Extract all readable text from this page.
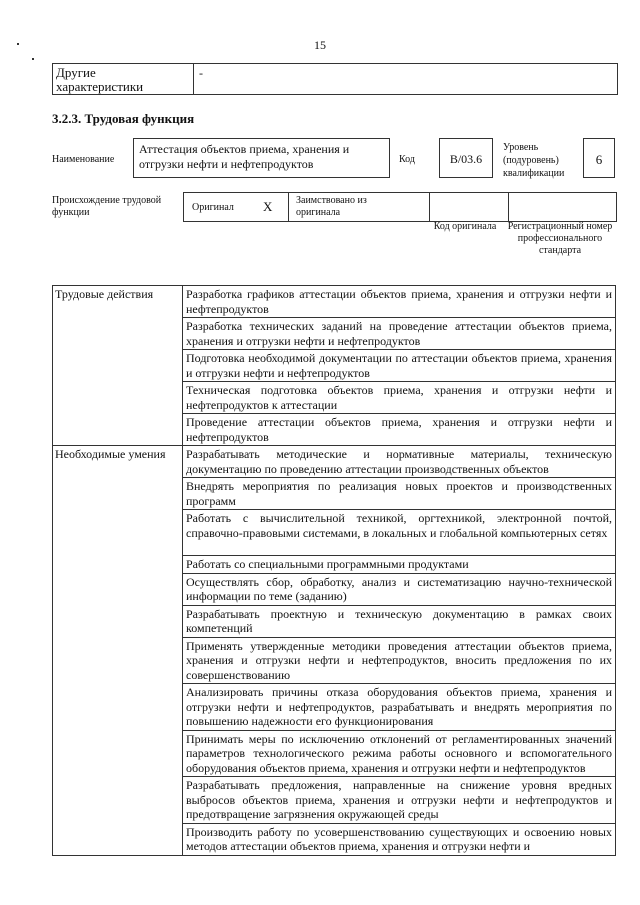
15
Другие характеристики
-
3.2.3. Трудовая функция
Наименование
Аттестация объектов приема, хранения и отгрузки нефти и нефтепродуктов	Код	B/03.6
Уровень (подуровень) квалификации
6
Происхождение трудовой функции	Оригинал X Заимствовано из оригинала
Код оригинала	Регистрационный номер профессионального стандарта
Трудовые действия	Разработка графиков аттестации объектов приема, хранения и отгрузки нефти и нефтепродуктов
	Разработка технических заданий на проведение аттестации объектов приема, хранения и отгрузки нефти и нефтепродуктов
	Подготовка необходимой документации по аттестации объектов приема, хранения и отгрузки нефти и нефтепродуктов
	Техническая подготовка объектов приема, хранения и отгрузки нефти и нефтепродуктов к аттестации
	Проведение аттестации объектов приема, хранения и отгрузки нефти и нефтепродуктов
Необходимые умения	Разрабатывать методические и нормативные материалы, техническую документацию по проведению аттестации производственных объектов
	Внедрять мероприятия по реализация новых проектов и производственных программ
	Работать с вычислительной техникой, оргтехникой, электронной почтой, справочно-правовыми системами, в локальных и глобальной компьютерных сетях
	Работать со специальными программными продуктами
	Осуществлять сбор, обработку, анализ и систематизацию научно-технической информации по теме (заданию)
	Разрабатывать проектную и техническую документацию в рамках своих компетенций
	Применять утвержденные методики проведения аттестации объектов приема, хранения и отгрузки нефти и нефтепродуктов, вносить предложения по их совершенствованию
	Анализировать причины отказа оборудования объектов приема, хранения и отгрузки нефти и нефтепродуктов, разрабатывать и внедрять мероприятия по повышению надежности его функционирования
	Принимать меры по исключению отклонений от регламентированных значений параметров технологического режима работы основного и вспомогательного оборудования объектов приема, хранения и отгрузки нефти и нефтепродуктов
	Разрабатывать предложения, направленные на снижение уровня вредных выбросов объектов приема, хранения и отгрузки нефти и нефтепродуктов и предотвращение загрязнения окружающей среды
	Производить работу по усовершенствованию существующих и освоению новых методов аттестации объектов приема, хранения и отгрузки нефти и
